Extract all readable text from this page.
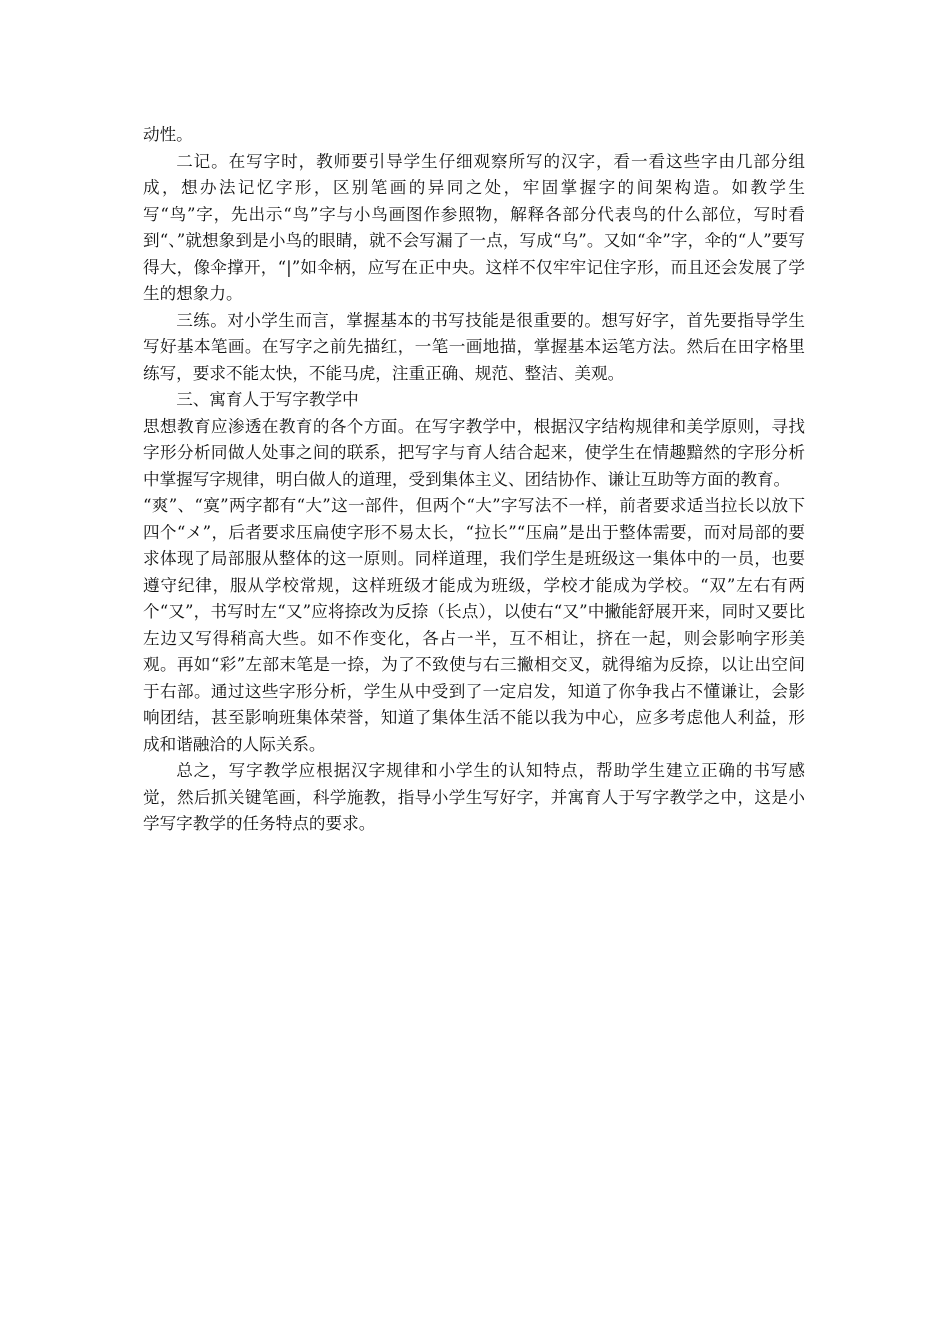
动性。

二记。在写字时，教师要引导学生仔细观察所写的汉字，看一看这些字由几部分组成，想办法记忆字形，区别笔画的异同之处，牢固掌握字的间架构造。如教学生写“鸟”字，先出示“鸟”字与小鸟画图作参照物，解释各部分代表鸟的什么部位，写时看到“、”就想象到是小鸟的眼睛，就不会写漏了一点，写成“乌”。又如“伞”字，伞的“人”要写得大，像伞撑开，“|”如伞柄，应写在正中央。这样不仅牢牢记住字形，而且还会发展了学生的想象力。

三练。对小学生而言，掌握基本的书写技能是很重要的。想写好字，首先要指导学生写好基本笔画。在写字之前先描红，一笔一画地描，掌握基本运笔方法。然后在田字格里练写，要求不能太快，不能马虎，注重正确、规范、整洁、美观。

三、寓育人于写字教学中

思想教育应渗透在教育的各个方面。在写字教学中，根据汉字结构规律和美学原则，寻找字形分析同做人处事之间的联系，把写字与育人结合起来，使学生在情趣黯然的字形分析中掌握写字规律，明白做人的道理，受到集体主义、团结协作、谦让互助等方面的教育。

“爽”、“寞”两字都有“大”这一部件，但两个“大”字写法不一样，前者要求适当拉长以放下四个“メ”，后者要求压扁使字形不易太长，“拉长”“压扁”是出于整体需要，而对局部的要求体现了局部服从整体的这一原则。同样道理，我们学生是班级这一集体中的一员，也要遵守纪律，服从学校常规，这样班级才能成为班级，学校才能成为学校。“双”左右有两个“又”，书写时左“又”应将捺改为反捺（长点），以使右“又”中撇能舒展开来，同时又要比左边又写得稍高大些。如不作变化，各占一半，互不相让，挤在一起，则会影响字形美观。再如“彩”左部末笔是一捺，为了不致使与右三撇相交叉，就得缩为反捺，以让出空间于右部。通过这些字形分析，学生从中受到了一定启发，知道了你争我占不懂谦让，会影响团结，甚至影响班集体荣誉，知道了集体生活不能以我为中心，应多考虑他人利益，形成和谐融洽的人际关系。

总之，写字教学应根据汉字规律和小学生的认知特点，帮助学生建立正确的书写感觉，然后抓关键笔画，科学施教，指导小学生写好字，并寓育人于写字教学之中，这是小学写字教学的任务特点的要求。
